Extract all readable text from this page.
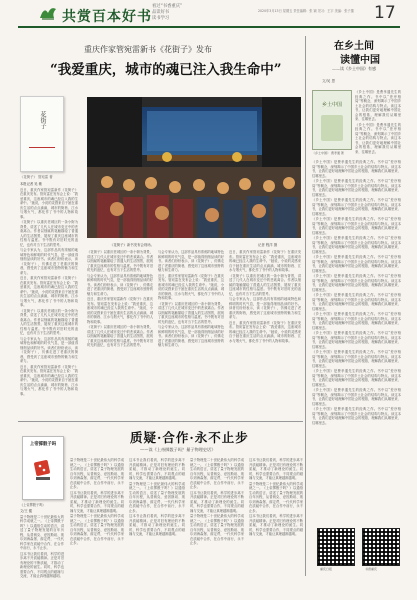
共赏百本好书
看过“书香重庆”
品读好书
读书学习
2020年3月13日 星期五 责任编辑：张 颖 见习：王宇 美编：张子蕙	17
重庆作家管宛雷新书《花街子》发布
“我爱重庆，城市的魂已注入我生命中”
花街子
《花街子》 管宛雷 著
《花街子》新书发布会现场。	记者 程洋 摄

本报记者 吴 敏

近日，重庆作家管宛雷新作《花街子》在重庆发布。管宛雷在发布会上说：“我爱重庆，这座城市的魂已经注入我的生命中。”她说，小说的灵感来自于她在重庆生活的点点滴滴，城市的街巷、江水与烟火气，都化作了书中的人物和故事。

《花街子》以重庆老城区的一条小街为背景，讲述了几代人在城市变迁中的悲欢离合。作者以细腻的笔触描绘了普通人的生活图景，展现了重庆这座城市的性格与温度。书中既有对旧时光的追忆，也有对当下生活的思考。

与会专家认为，这部作品具有浓郁的地域特色和鲜明的时代气息，是一部值得细细品读的好书。读者们纷纷表示，读《花街子》，仿佛走进了老重庆的街巷，感受到了这座城市独特的魅力和生命力。

近日，重庆作家管宛雷新作《花街子》在重庆发布。管宛雷在发布会上说：“我爱重庆，这座城市的魂已经注入我的生命中。”她说，小说的灵感来自于她在重庆生活的点点滴滴，城市的街巷、江水与烟火气，都化作了书中的人物和故事。

《花街子》以重庆老城区的一条小街为背景，讲述了几代人在城市变迁中的悲欢离合。作者以细腻的笔触描绘了普通人的生活图景，展现了重庆这座城市的性格与温度。书中既有对旧时光的追忆，也有对当下生活的思考。

与会专家认为，这部作品具有浓郁的地域特色和鲜明的时代气息，是一部值得细细品读的好书。读者们纷纷表示，读《花街子》，仿佛走进了老重庆的街巷，感受到了这座城市独特的魅力和生命力。

近日，重庆作家管宛雷新作《花街子》在重庆发布。管宛雷在发布会上说：“我爱重庆，这座城市的魂已经注入我的生命中。”她说，小说的灵感来自于她在重庆生活的点点滴滴，城市的街巷、江水与烟火气，都化作了书中的人物和故事。

《花街子》以重庆老城区的一条小街为背景，讲述了几代人在城市变迁中的悲欢离合。作者以细腻的笔触描绘了普通人的生活图景，展现了重庆这座城市的性格与温度。书中既有对旧时光的追忆，也有对当下生活的思考。

与会专家认为，这部作品具有浓郁的地域特色和鲜明的时代气息，是一部值得细细品读的好书。读者们纷纷表示，读《花街子》，仿佛走进了老重庆的街巷，感受到了这座城市独特的魅力和生命力。

近日，重庆作家管宛雷新作《花街子》在重庆发布。管宛雷在发布会上说：“我爱重庆，这座城市的魂已经注入我的生命中。”她说，小说的灵感来自于她在重庆生活的点点滴滴，城市的街巷、江水与烟火气，都化作了书中的人物和故事。

《花街子》以重庆老城区的一条小街为背景，讲述了几代人在城市变迁中的悲欢离合。作者以细腻的笔触描绘了普通人的生活图景，展现了重庆这座城市的性格与温度。书中既有对旧时光的追忆，也有对当下生活的思考。

与会专家认为，这部作品具有浓郁的地域特色和鲜明的时代气息，是一部值得细细品读的好书。读者们纷纷表示，读《花街子》，仿佛走进了老重庆的街巷，感受到了这座城市独特的魅力和生命力。

近日，重庆作家管宛雷新作《花街子》在重庆发布。管宛雷在发布会上说：“我爱重庆，这座城市的魂已经注入我的生命中。”她说，小说的灵感来自于她在重庆生活的点点滴滴，城市的街巷、江水与烟火气，都化作了书中的人物和故事。

《花街子》以重庆老城区的一条小街为背景，讲述了几代人在城市变迁中的悲欢离合。作者以细腻的笔触描绘了普通人的生活图景，展现了重庆这座城市的性格与温度。书中既有对旧时光的追忆，也有对当下生活的思考。

与会专家认为，这部作品具有浓郁的地域特色和鲜明的时代气息，是一部值得细细品读的好书。读者们纷纷表示，读《花街子》，仿佛走进了老重庆的街巷，感受到了这座城市独特的魅力和生命力。

近日，重庆作家管宛雷新作《花街子》在重庆发布。管宛雷在发布会上说：“我爱重庆，这座城市的魂已经注入我的生命中。”她说，小说的灵感来自于她在重庆生活的点点滴滴，城市的街巷、江水与烟火气，都化作了书中的人物和故事。

《花街子》以重庆老城区的一条小街为背景，讲述了几代人在城市变迁中的悲欢离合。作者以细腻的笔触描绘了普通人的生活图景，展现了重庆这座城市的性格与温度。书中既有对旧时光的追忆，也有对当下生活的思考。

与会专家认为，这部作品具有浓郁的地域特色和鲜明的时代气息，是一部值得细细品读的好书。读者们纷纷表示，读《花街子》，仿佛走进了老重庆的街巷，感受到了这座城市独特的魅力和生命力。

近日，重庆作家管宛雷新作《花街子》在重庆发布。管宛雷在发布会上说：“我爱重庆，这座城市的魂已经注入我的生命中。”她说，小说的灵感来自于她在重庆生活的点点滴滴，城市的街巷、江水与烟火气，都化作了书中的人物和故事。

在乡土间
读懂中国
——读《乡土中国》有感
文/吴 思
乡土中国
《乡土中国》 费孝通 著

《乡土中国》是费孝通先生的经典之作。书中以“差序格局”等概念，深刻揭示了中国乡土社会的结构与特点。读这本书，让我们更好地理解中国社会的根基，理解我们从哪里来、往哪里去。

《乡土中国》是费孝通先生的经典之作。书中以“差序格局”等概念，深刻揭示了中国乡土社会的结构与特点。读这本书，让我们更好地理解中国社会的根基，理解我们从哪里来、往哪里去。

《乡土中国》是费孝通先生的经典之作。书中以“差序格局”等概念，深刻揭示了中国乡土社会的结构与特点。读这本书，让我们更好地理解中国社会的根基，理解我们从哪里来、往哪里去。

《乡土中国》是费孝通先生的经典之作。书中以“差序格局”等概念，深刻揭示了中国乡土社会的结构与特点。读这本书，让我们更好地理解中国社会的根基，理解我们从哪里来、往哪里去。

《乡土中国》是费孝通先生的经典之作。书中以“差序格局”等概念，深刻揭示了中国乡土社会的结构与特点。读这本书，让我们更好地理解中国社会的根基，理解我们从哪里来、往哪里去。

《乡土中国》是费孝通先生的经典之作。书中以“差序格局”等概念，深刻揭示了中国乡土社会的结构与特点。读这本书，让我们更好地理解中国社会的根基，理解我们从哪里来、往哪里去。

《乡土中国》是费孝通先生的经典之作。书中以“差序格局”等概念，深刻揭示了中国乡土社会的结构与特点。读这本书，让我们更好地理解中国社会的根基，理解我们从哪里来、往哪里去。

《乡土中国》是费孝通先生的经典之作。书中以“差序格局”等概念，深刻揭示了中国乡土社会的结构与特点。读这本书，让我们更好地理解中国社会的根基，理解我们从哪里来、往哪里去。

《乡土中国》是费孝通先生的经典之作。书中以“差序格局”等概念，深刻揭示了中国乡土社会的结构与特点。读这本书，让我们更好地理解中国社会的根基，理解我们从哪里来、往哪里去。

《乡土中国》是费孝通先生的经典之作。书中以“差序格局”等概念，深刻揭示了中国乡土社会的结构与特点。读这本书，让我们更好地理解中国社会的根基，理解我们从哪里来、往哪里去。

《乡土中国》是费孝通先生的经典之作。书中以“差序格局”等概念，深刻揭示了中国乡土社会的结构与特点。读这本书，让我们更好地理解中国社会的根基，理解我们从哪里来、往哪里去。

《乡土中国》是费孝通先生的经典之作。书中以“差序格局”等概念，深刻揭示了中国乡土社会的结构与特点。读这本书，让我们更好地理解中国社会的根基，理解我们从哪里来、往哪里去。

《乡土中国》是费孝通先生的经典之作。书中以“差序格局”等概念，深刻揭示了中国乡土社会的结构与特点。读这本书，让我们更好地理解中国社会的根基，理解我们从哪里来、往哪里去。

《乡土中国》是费孝通先生的经典之作。书中以“差序格局”等概念，深刻揭示了中国乡土社会的结构与特点。读这本书，让我们更好地理解中国社会的根基，理解我们从哪里来、往哪里去。

《乡土中国》是费孝通先生的经典之作。书中以“差序格局”等概念，深刻揭示了中国乡土社会的结构与特点。读这本书，让我们更好地理解中国社会的根基，理解我们从哪里来、往哪里去。

《乡土中国》是费孝通先生的经典之作。书中以“差序格局”等概念，深刻揭示了中国乡土社会的结构与特点。读这本书，让我们更好地理解中国社会的根基，理解我们从哪里来、往哪里去。

重庆日报	书香重庆
质疑·合作·永不止步
——读《上帝掷骰子吗？量子物理史话》
上帝掷骰子吗
《上帝掷骰子吗》

文/王 健

量子物理是二十世纪最伟大的科学成就之一。《上帝掷骰子吗？》以通俗生动的语言，讲述了量子物理发展的百年历程，从普朗克、爱因斯坦、玻尔到海森堡、薛定谔，一代代科学家在质疑中合作，在合作中前行，永不止步。

这本书让我们看到，科学的进步离不开质疑精神。正是对旧有理论的不断质疑，才推动了新理论的诞生。同时，科学也需要合作，不同观点的碰撞与交流，才能让真理越辩越明。

量子物理是二十世纪最伟大的科学成就之一。《上帝掷骰子吗？》以通俗生动的语言，讲述了量子物理发展的百年历程，从普朗克、爱因斯坦、玻尔到海森堡、薛定谔，一代代科学家在质疑中合作，在合作中前行，永不止步。

这本书让我们看到，科学的进步离不开质疑精神。正是对旧有理论的不断质疑，才推动了新理论的诞生。同时，科学也需要合作，不同观点的碰撞与交流，才能让真理越辩越明。

量子物理是二十世纪最伟大的科学成就之一。《上帝掷骰子吗？》以通俗生动的语言，讲述了量子物理发展的百年历程，从普朗克、爱因斯坦、玻尔到海森堡、薛定谔，一代代科学家在质疑中合作，在合作中前行，永不止步。

这本书让我们看到，科学的进步离不开质疑精神。正是对旧有理论的不断质疑，才推动了新理论的诞生。同时，科学也需要合作，不同观点的碰撞与交流，才能让真理越辩越明。

量子物理是二十世纪最伟大的科学成就之一。《上帝掷骰子吗？》以通俗生动的语言，讲述了量子物理发展的百年历程，从普朗克、爱因斯坦、玻尔到海森堡、薛定谔，一代代科学家在质疑中合作，在合作中前行，永不止步。

这本书让我们看到，科学的进步离不开质疑精神。正是对旧有理论的不断质疑，才推动了新理论的诞生。同时，科学也需要合作，不同观点的碰撞与交流，才能让真理越辩越明。

量子物理是二十世纪最伟大的科学成就之一。《上帝掷骰子吗？》以通俗生动的语言，讲述了量子物理发展的百年历程，从普朗克、爱因斯坦、玻尔到海森堡、薛定谔，一代代科学家在质疑中合作，在合作中前行，永不止步。

这本书让我们看到，科学的进步离不开质疑精神。正是对旧有理论的不断质疑，才推动了新理论的诞生。同时，科学也需要合作，不同观点的碰撞与交流，才能让真理越辩越明。

量子物理是二十世纪最伟大的科学成就之一。《上帝掷骰子吗？》以通俗生动的语言，讲述了量子物理发展的百年历程，从普朗克、爱因斯坦、玻尔到海森堡、薛定谔，一代代科学家在质疑中合作，在合作中前行，永不止步。

这本书让我们看到，科学的进步离不开质疑精神。正是对旧有理论的不断质疑，才推动了新理论的诞生。同时，科学也需要合作，不同观点的碰撞与交流，才能让真理越辩越明。

量子物理是二十世纪最伟大的科学成就之一。《上帝掷骰子吗？》以通俗生动的语言，讲述了量子物理发展的百年历程，从普朗克、爱因斯坦、玻尔到海森堡、薛定谔，一代代科学家在质疑中合作，在合作中前行，永不止步。

这本书让我们看到，科学的进步离不开质疑精神。正是对旧有理论的不断质疑，才推动了新理论的诞生。同时，科学也需要合作，不同观点的碰撞与交流，才能让真理越辩越明。
